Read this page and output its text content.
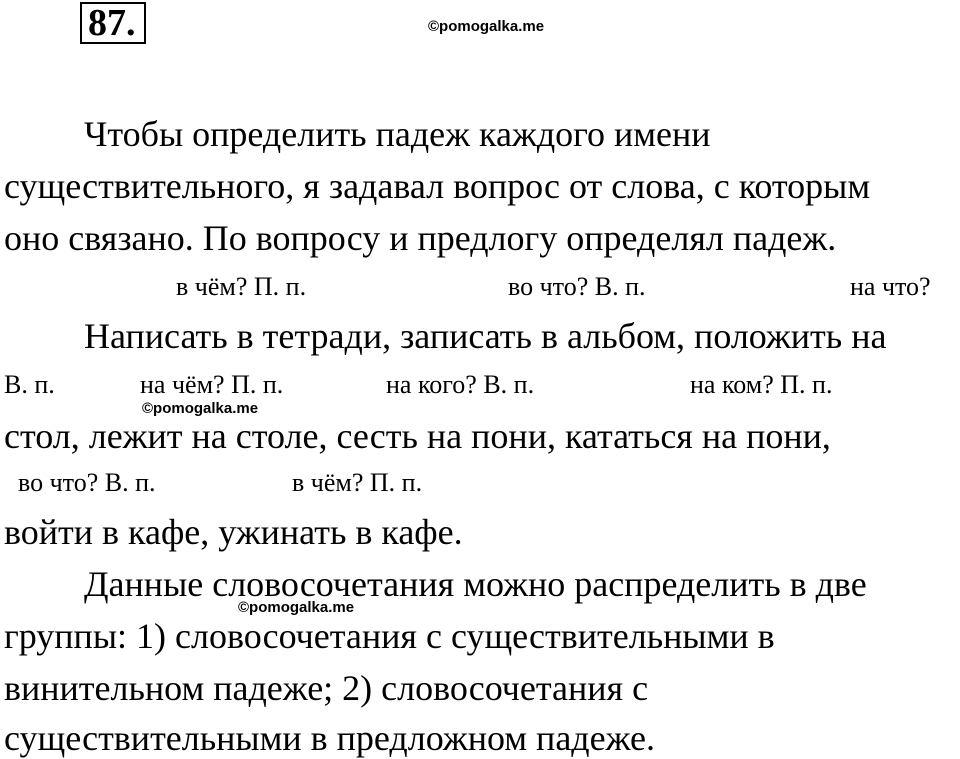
87.	©pomogalka.me
Чтобы определить падеж каждого имени
существительного, я задавал вопрос от слова, с которым
оно связано. По вопросу и предлогу определял падеж.
в чём? П. п.	во что? В. п.	на что?
Написать в тетради, записать в альбом, положить на
В. п.	на чём? П. п.	на кого? В. п.	на ком? П. п.
©pomogalka.me
стол, лежит на столе, сесть на пони, кататься на пони,
во что? В. п.	в чём? П. п.
войти в кафе, ужинать в кафе.
Данные словосочетания можно распределить в две
©pomogalka.me
группы: 1) словосочетания с существительными в
винительном падеже; 2) словосочетания с
существительными в предложном падеже.
